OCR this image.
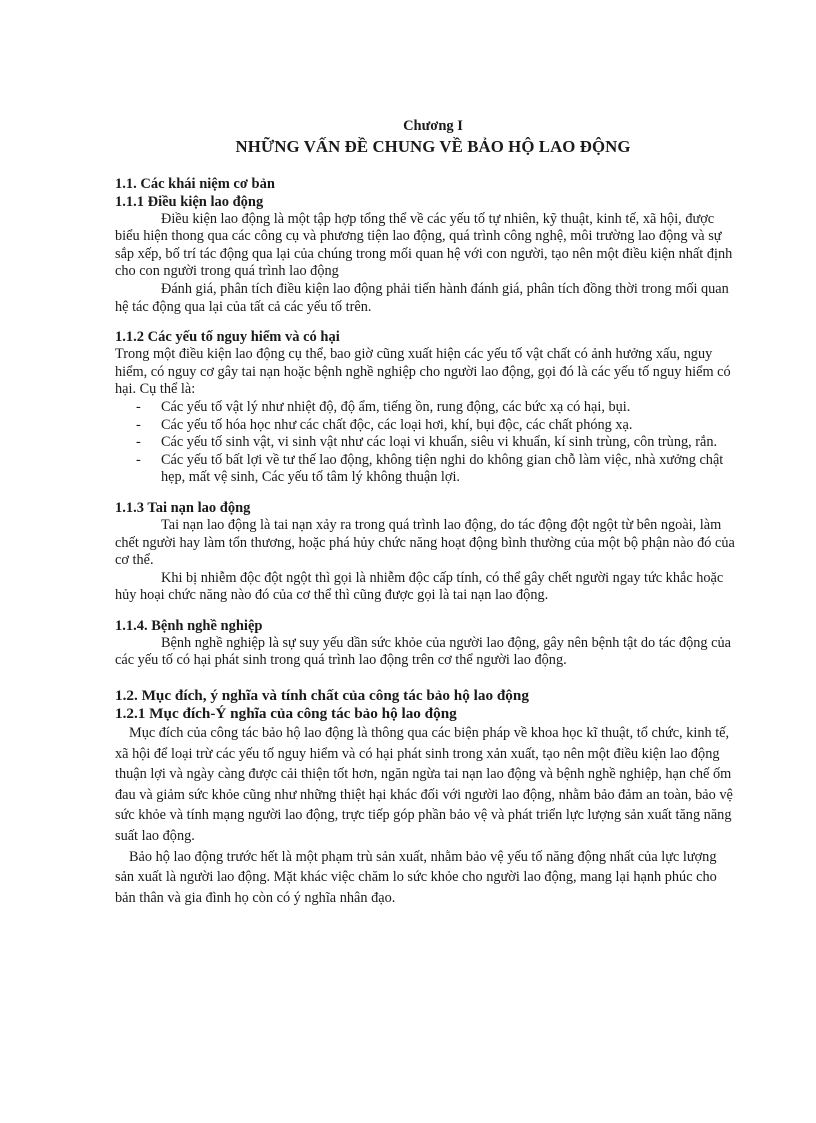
Chương I
NHỮNG VẤN ĐỀ CHUNG VỀ BẢO HỘ LAO ĐỘNG
1.1. Các khái niệm cơ bản
1.1.1 Điều kiện lao động

Điều kiện lao động là một tập hợp tổng thể về các yếu tố tự nhiên, kỹ thuật, kinh tế, xã hội, được biểu hiện thong qua các công cụ và phương tiện lao động, quá trình công nghệ, môi trường lao động và sự sắp xếp, bố trí tác động qua lại của chúng trong mối quan hệ với con người, tạo nên một điều kiện nhất định cho con người trong quá trình lao động

Đánh giá, phân tích điều kiện lao động phải tiến hành đánh giá, phân tích đồng thời trong mối quan hệ tác động qua lại của tất cả các yếu tố trên.

1.1.2 Các yếu tố nguy hiểm và có hại

Trong một điều kiện lao động cụ thể, bao giờ cũng xuất hiện các yếu tố vật chất có ảnh hưởng xấu, nguy hiểm, có nguy cơ gây tai nạn hoặc bệnh nghề nghiệp cho người lao động, gọi đó là các yếu tố nguy hiểm có hại. Cụ thể là:

- Các yếu tố vật lý như nhiệt độ, độ ẩm, tiếng ồn, rung động, các bức xạ có hại, bụi.
- Các yếu tố hóa học như các chất độc, các loại hơi, khí, bụi độc, các chất phóng xạ.
- Các yếu tố sinh vật, vi sinh vật như các loại vi khuẩn, siêu vi khuẩn, kí sinh trùng, côn trùng, rắn.
- Các yếu tố bất lợi về tư thế lao động, không tiện nghi do không gian chỗ làm việc, nhà xưởng chật hẹp, mất vệ sinh, Các yếu tố tâm lý không thuận lợi.
1.1.3 Tai nạn lao động

Tai nạn lao động là tai nạn xảy ra trong quá trình lao động, do tác động đột ngột từ bên ngoài, làm chết người hay làm tổn thương, hoặc phá hủy chức năng hoạt động bình thường của một bộ phận nào đó của cơ thể.

Khi bị nhiễm độc đột ngột thì gọi là nhiễm độc cấp tính, có thể gây chết người ngay tức khắc hoặc hủy hoại chức năng nào đó của cơ thể thì cũng được gọi là tai nạn lao động.

1.1.4. Bệnh nghề nghiệp

Bệnh nghề nghiệp là sự suy yếu dần sức khỏe của người lao động, gây nên bệnh tật do tác động của các yếu tố có hại phát sinh trong quá trình lao động trên cơ thể người lao động.

1.2. Mục đích, ý nghĩa và tính chất của công tác bảo hộ lao động
1.2.1 Mục đích-Ý nghĩa của công tác bảo hộ lao động

Mục đích của công tác bảo hộ lao động là thông qua các biện pháp về khoa học kĩ thuật, tổ chức, kinh tế, xã hội để loại trừ các yếu tố nguy hiểm và có hại phát sinh trong xản xuất, tạo nên một điều kiện lao động thuận lợi và ngày càng được cải thiện tốt hơn, ngăn ngừa tai nạn lao động và bệnh nghề nghiệp, hạn chế ốm đau và giảm sức khỏe cũng như những thiệt hại khác đối với người lao động, nhằm bảo đảm an toàn, bảo vệ sức khỏe và tính mạng người lao động, trực tiếp góp phần bảo vệ và phát triển lực lượng sản xuất tăng năng suất lao động.

Bảo hộ lao động trước hết là một phạm trù sản xuất, nhằm bảo vệ yếu tố năng động nhất của lực lượng sản xuất là người lao động. Mặt khác việc chăm lo sức khỏe cho người lao động, mang lại hạnh phúc cho bản thân và gia đình họ còn có ý nghĩa nhân đạo.
